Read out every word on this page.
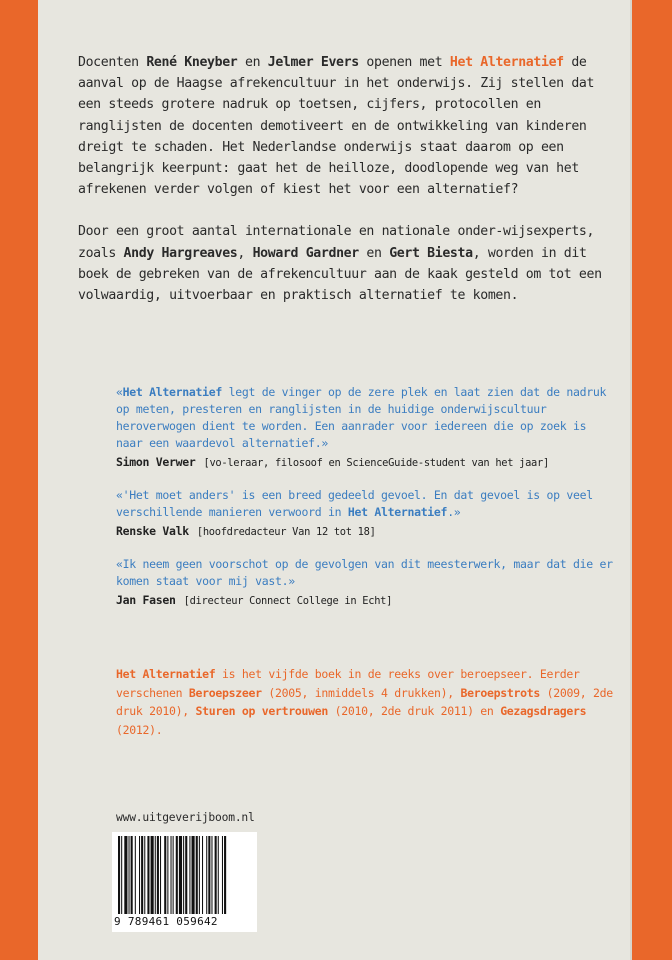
Docenten René Kneyber en Jelmer Evers openen met Het Alternatief de aanval op de Haagse afrekencultuur in het onderwijs. Zij stellen dat een steeds grotere nadruk op toetsen, cijfers, protocollen en ranglijsten de docenten demotiveert en de ontwikkeling van kinderen dreigt te schaden. Het Nederlandse onderwijs staat daarom op een belangrijk keerpunt: gaat het de heilloze, doodlopende weg van het afrekenen verder volgen of kiest het voor een alternatief?

Door een groot aantal internationale en nationale onder-wijsexperts, zoals Andy Hargreaves, Howard Gardner en Gert Biesta, worden in dit boek de gebreken van de afrekencultuur aan de kaak gesteld om tot een volwaardig, uitvoerbaar en praktisch alternatief te komen.

«Het Alternatief legt de vinger op de zere plek en laat zien dat de nadruk op meten, presteren en ranglijsten in de huidige onderwijscultuur heroverwogen dient te worden. Een aanrader voor iedereen die op zoek is naar een waardevol alternatief.»

Simon Verwer [vo-leraar, filosoof en ScienceGuide-student van het jaar]

«'Het moet anders' is een breed gedeeld gevoel. En dat gevoel is op veel verschillende manieren verwoord in Het Alternatief.»

Renske Valk [hoofdredacteur Van 12 tot 18]

«Ik neem geen voorschot op de gevolgen van dit meesterwerk, maar dat die er komen staat voor mij vast.»

Jan Fasen [directeur Connect College in Echt]

Het Alternatief is het vijfde boek in de reeks over beroepseer. Eerder verschenen Beroepszeer (2005, inmiddels 4 drukken), Beroepstrots (2009, 2de druk 2010), Sturen op vertrouwen (2010, 2de druk 2011) en Gezagsdragers (2012).

www.uitgeverijboom.nl
9 789461 059642
